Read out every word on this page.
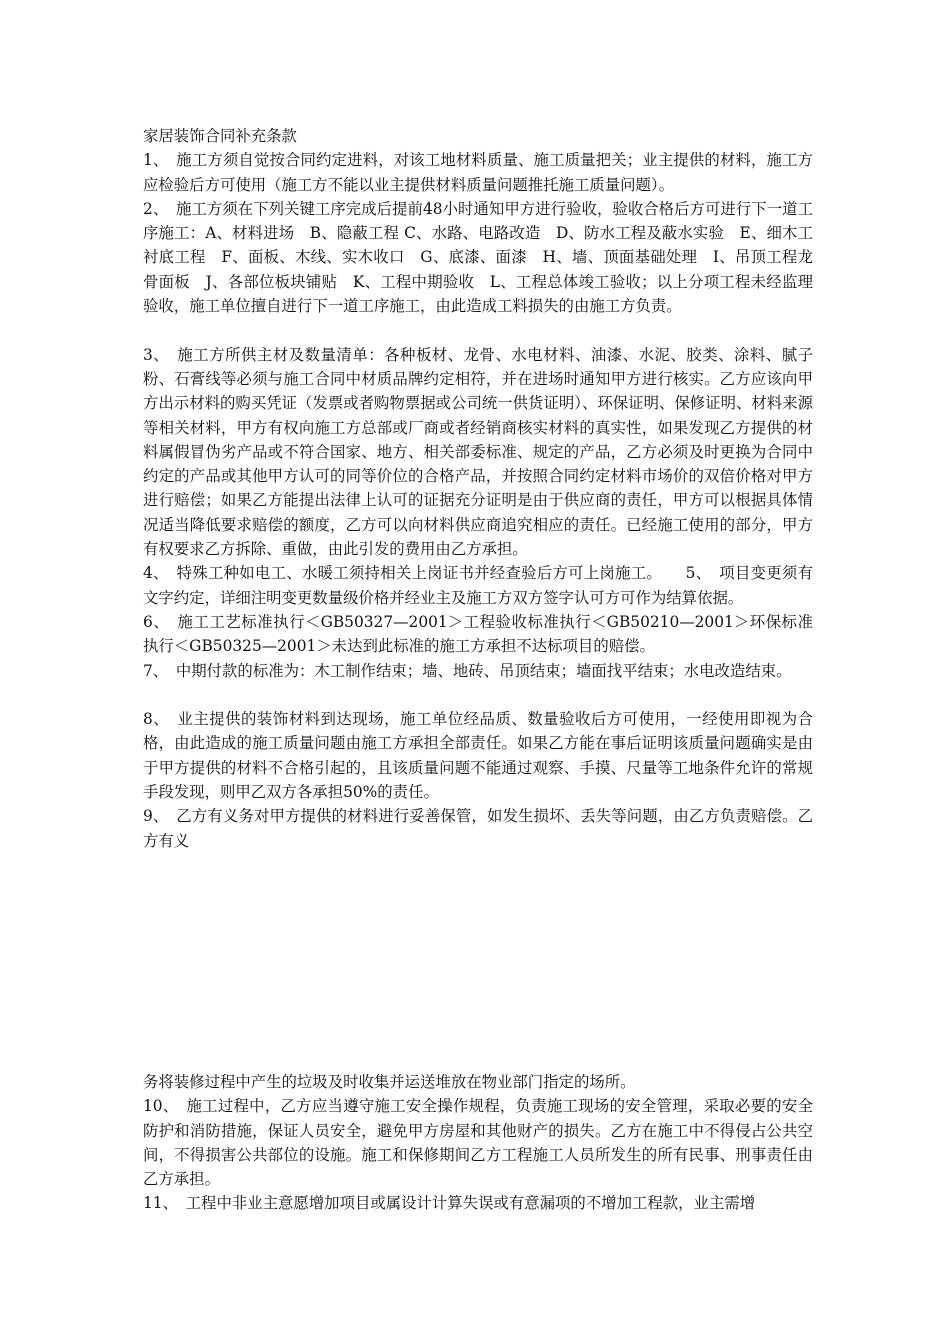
家居装饰合同补充条款

1、　施工方须自觉按合同约定进料，对该工地材料质量、施工质量把关；业主提供的材料，施工方应检验后方可使用（施工方不能以业主提供材料质量问题推托施工质量问题）。

2、　施工方须在下列关键工序完成后提前48小时通知甲方进行验收，验收合格后方可进行下一道工序施工：A、材料进场　B、隐蔽工程 C、水路、电路改造　D、防水工程及蔽水实验　E、细木工衬底工程　F、面板、木线、实木收口　G、底漆、面漆　H、墙、顶面基础处理　I、吊顶工程龙骨面板　J、各部位板块铺贴　K、工程中期验收　L、工程总体竣工验收；以上分项工程未经监理验收，施工单位擅自进行下一道工序施工，由此造成工料损失的由施工方负责。

3、　施工方所供主材及数量清单：各种板材、龙骨、水电材料、油漆、水泥、胶类、涂料、腻子粉、石膏线等必须与施工合同中材质品牌约定相符，并在进场时通知甲方进行核实。乙方应该向甲方出示材料的购买凭证（发票或者购物票据或公司统一供货证明）、环保证明、保修证明、材料来源等相关材料，甲方有权向施工方总部或厂商或者经销商核实材料的真实性，如果发现乙方提供的材料属假冒伪劣产品或不符合国家、地方、相关部委标准、规定的产品，乙方必须及时更换为合同中约定的产品或其他甲方认可的同等价位的合格产品，并按照合同约定材料市场价的双倍价格对甲方进行赔偿；如果乙方能提出法律上认可的证据充分证明是由于供应商的责任，甲方可以根据具体情况适当降低要求赔偿的额度，乙方可以向材料供应商追究相应的责任。已经施工使用的部分，甲方有权要求乙方拆除、重做，由此引发的费用由乙方承担。

4、　特殊工种如电工、水暖工须持相关上岗证书并经查验后方可上岗施工。　　5、　项目变更须有文字约定，详细注明变更数量级价格并经业主及施工方双方签字认可方可作为结算依据。

6、　施工工艺标准执行＜GB50327—2001＞工程验收标准执行＜GB50210—2001＞环保标准执行＜GB50325—2001＞未达到此标准的施工方承担不达标项目的赔偿。

7、　中期付款的标准为：木工制作结束；墙、地砖、吊顶结束；墙面找平结束；水电改造结束。

8、　业主提供的装饰材料到达现场，施工单位经品质、数量验收后方可使用，一经使用即视为合格，由此造成的施工质量问题由施工方承担全部责任。如果乙方能在事后证明该质量问题确实是由于甲方提供的材料不合格引起的，且该质量问题不能通过观察、手摸、尺量等工地条件允许的常规手段发现，则甲乙双方各承担50%的责任。

9、　乙方有义务对甲方提供的材料进行妥善保管，如发生损坏、丢失等问题，由乙方负责赔偿。乙方有义

务将装修过程中产生的垃圾及时收集并运送堆放在物业部门指定的场所。

10、　施工过程中，乙方应当遵守施工安全操作规程，负责施工现场的安全管理，采取必要的安全防护和消防措施，保证人员安全，避免甲方房屋和其他财产的损失。乙方在施工中不得侵占公共空间，不得损害公共部位的设施。施工和保修期间乙方工程施工人员所发生的所有民事、刑事责任由乙方承担。

11、　工程中非业主意愿增加项目或属设计计算失误或有意漏项的不增加工程款，业主需增
